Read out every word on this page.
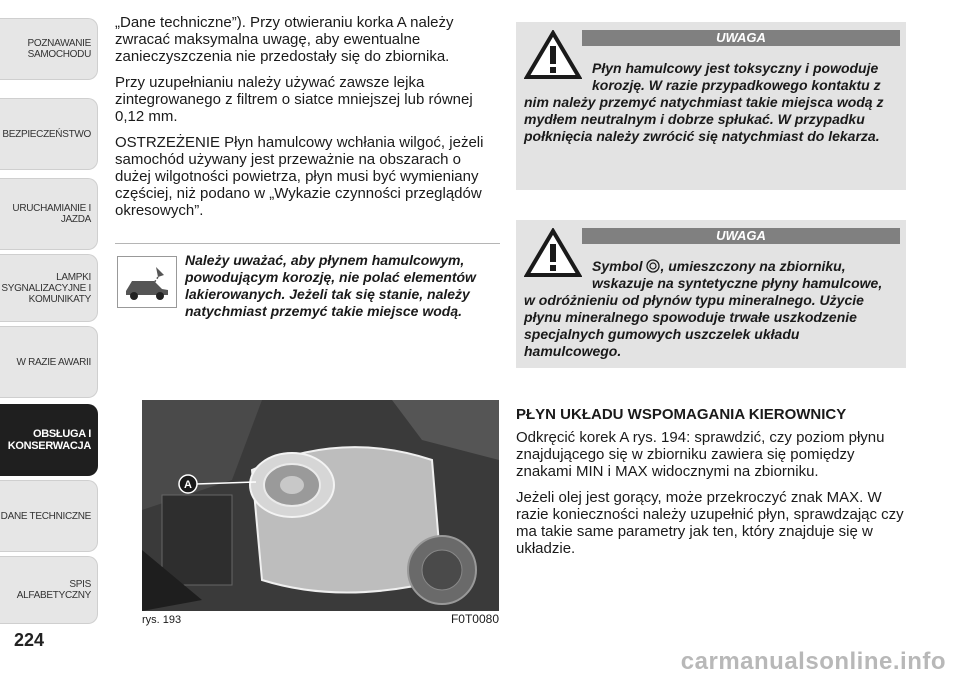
POZNAWANIE
SAMOCHODU
BEZPIECZEŃSTWO
URUCHAMIANIE I
JAZDA
LAMPKI
SYGNALIZACYJNE I
KOMUNIKATY
W RAZIE AWARII
OBSŁUGA I
KONSERWACJA
DANE TECHNICZNE
SPIS ALFABETYCZNY
224

„Dane techniczne”). Przy otwieraniu korka A należy zwracać maksymalna uwagę, aby ewentualne zanieczyszczenia nie przedostały się do zbiornika.

Przy uzupełnianiu należy używać zawsze lejka zintegrowanego z filtrem o siatce mniejszej lub równej 0,12 mm.

OSTRZEŻENIE Płyn hamulcowy wchłania wilgoć, jeżeli samochód używany jest przeważnie na obszarach o dużej wilgotności powietrza, płyn musi być wymieniany częściej, niż podano w „Wykazie czynności przeglądów okresowych”.

Należy uważać, aby płynem hamulcowym, powodującym korozję, nie polać elementów lakierowanych. Jeżeli tak się stanie, należy natychmiast przemyć takie miejsce wodą.
A
rys. 193	F0T0080
UWAGA
Płyn hamulcowy jest toksyczny i powoduje korozję. W razie przypadkowego kontaktu z nim należy przemyć natychmiast takie miejsca wodą z mydłem neutralnym i dobrze spłukać. W przypadku połknięcia należy zwrócić się natychmiast do lekarza.
UWAGA
Symbol , umieszczony na zbiorniku, wskazuje na syntetyczne płyny hamulcowe, w odróżnieniu od płynów typu mineralnego. Użycie płynu mineralnego spowoduje trwałe uszkodzenie specjalnych gumowych uszczelek układu hamulcowego.
PŁYN UKŁADU WSPOMAGANIA KIEROWNICY

Odkręcić korek A rys. 194: sprawdzić, czy poziom płynu znajdującego się w zbiorniku zawiera się pomiędzy znakami MIN i MAX widocznymi na zbiorniku.

Jeżeli olej jest gorący, może przekroczyć znak MAX. W razie konieczności należy uzupełnić płyn, sprawdzając czy ma takie same parametry jak ten, który znajduje się w układzie.

carmanualsonline.info
